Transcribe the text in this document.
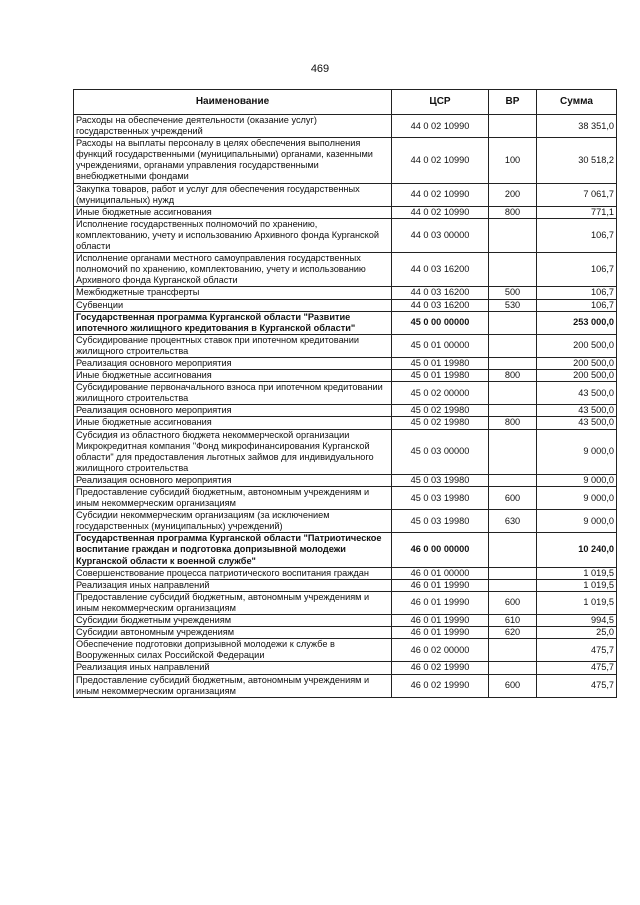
469
Наименование	ЦСР	ВР	Сумма
Расходы на обеспечение деятельности (оказание услуг) государственных учреждений	44 0 02 10990		38 351,0
Расходы на выплаты персоналу в целях обеспечения выполнения функций государственными (муниципальными) органами, казенными учреждениями, органами управления государственными внебюджетными фондами	44 0 02 10990	100	30 518,2
Закупка товаров, работ и услуг для обеспечения государственных (муниципальных) нужд	44 0 02 10990	200	7 061,7
Иные бюджетные ассигнования	44 0 02 10990	800	771,1
Исполнение государственных полномочий по хранению, комплектованию, учету и использованию Архивного фонда Курганской области	44 0 03 00000		106,7
Исполнение органами местного самоуправления государственных полномочий по хранению, комплектованию, учету и использованию Архивного фонда Курганской области	44 0 03 16200		106,7
Межбюджетные трансферты	44 0 03 16200	500	106,7
Субвенции	44 0 03 16200	530	106,7
Государственная программа Курганской области "Развитие ипотечного жилищного кредитования в Курганской области"	45 0 00 00000		253 000,0
Субсидирование процентных ставок при ипотечном кредитовании жилищного строительства	45 0 01 00000		200 500,0
Реализация основного мероприятия	45 0 01 19980		200 500,0
Иные бюджетные ассигнования	45 0 01 19980	800	200 500,0
Субсидирование первоначального взноса при ипотечном кредитовании жилищного строительства	45 0 02 00000		43 500,0
Реализация основного мероприятия	45 0 02 19980		43 500,0
Иные бюджетные ассигнования	45 0 02 19980	800	43 500,0
Субсидия из областного бюджета некоммерческой организации Микрокредитная компания "Фонд микрофинансирования Курганской области" для предоставления льготных займов для индивидуального жилищного строительства	45 0 03 00000		9 000,0
Реализация основного мероприятия	45 0 03 19980		9 000,0
Предоставление субсидий бюджетным, автономным учреждениям и иным некоммерческим организациям	45 0 03 19980	600	9 000,0
Субсидии некоммерческим организациям (за исключением государственных (муниципальных) учреждений)	45 0 03 19980	630	9 000,0
Государственная программа Курганской области "Патриотическое воспитание граждан и подготовка допризывной молодежи Курганской области к военной службе"	46 0 00 00000		10 240,0
Совершенствование процесса патриотического воспитания граждан	46 0 01 00000		1 019,5
Реализация иных направлений	46 0 01 19990		1 019,5
Предоставление субсидий бюджетным, автономным учреждениям и иным некоммерческим организациям	46 0 01 19990	600	1 019,5
Субсидии бюджетным учреждениям	46 0 01 19990	610	994,5
Субсидии автономным учреждениям	46 0 01 19990	620	25,0
Обеспечение подготовки допризывной молодежи к службе в Вооруженных силах Российской Федерации	46 0 02 00000		475,7
Реализация иных направлений	46 0 02 19990		475,7
Предоставление субсидий бюджетным, автономным учреждениям и иным некоммерческим организациям	46 0 02 19990	600	475,7
